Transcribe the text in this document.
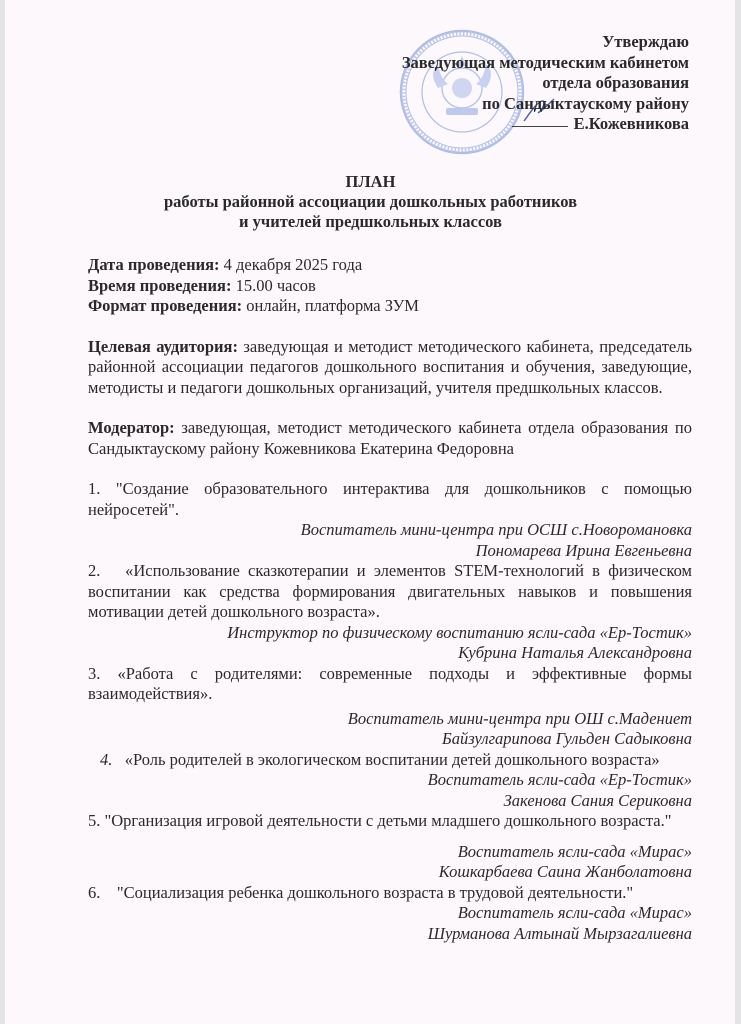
Утверждаю
Заведующая методическим кабинетом
отдела образования
по Сандыктаускому району
Е.Кожевникова
ПЛАН
работы районной ассоциации дошкольных работников
и учителей предшкольных классов
Дата проведения: 4 декабря 2025 года
Время проведения: 15.00 часов
Формат проведения: онлайн, платформа ЗУМ
Целевая аудитория: заведующая и методист методического кабинета, председатель районной ассоциации педагогов дошкольного воспитания и обучения, заведующие, методисты и педагоги дошкольных организаций, учителя предшкольных классов.
Модератор: заведующая, методист методического кабинета отдела образования по Сандыктаускому району Кожевникова Екатерина Федоровна
1. "Создание образовательного интерактива для дошкольников с помощью нейросетей".
Воспитатель мини-центра при ОСШ с.Новоромановка
Пономарева Ирина Евгеньевна
2. «Использование сказкотерапии и элементов STEM-технологий в физическом воспитании как средства формирования двигательных навыков и повышения мотивации детей дошкольного возраста».
Инструктор по физическому воспитанию ясли-сада «Ер-Тостик»
Кубрина Наталья Александровна
3. «Работа с родителями: современные подходы и эффективные формы взаимодействия».
Воспитатель мини-центра при ОШ с.Мадениет
Байзулгарипова Гульден Садыковна
4. «Роль родителей в экологическом воспитании детей дошкольного возраста»
Воспитатель ясли-сада «Ер-Тостик»
Закенова Сания Сериковна
5. "Организация игровой деятельности с детьми младшего дошкольного возраста."
Воспитатель ясли-сада «Мирас»
Кошкарбаева Саина Жанболатовна
6. "Социализация ребенка дошкольного возраста в трудовой деятельности."
Воспитатель ясли-сада «Мирас»
Шурманова Алтынай Мырзагалиевна
